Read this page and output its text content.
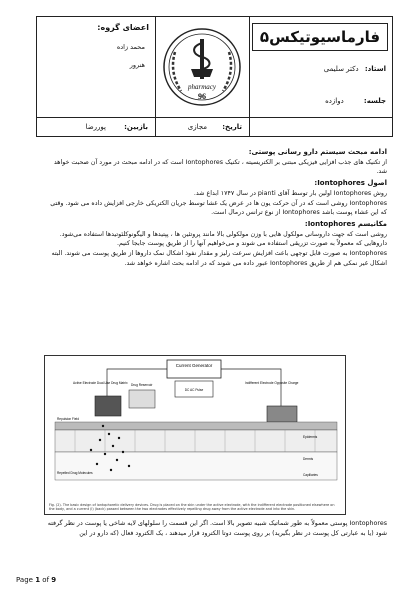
اعضای گروه:
محمد زاده
هنرور
pharmacy
96
فارماسیوتیکس۵
استاد: دکتر سلیمی
جلسه: دوازده
تاریخ:
مجازی
بازبین:
پوررضا

ادامه مبحث سیستم دارو رسانی پوستی:

از تکنیک های جذب افزایی فیزیکی مبتنی بر الکتریسیته ، تکنیک Iontophores است که در ادامه مبحث در مورد آن صحبت خواهد شد.

اصول Iontophores:

روش Iontophores اولین بار توسط آقای pianti در سال ۱۷۴۷ ابداع شد.

Iontophores روشی است که در آن حرکت یون ها در عرض یک غشا توسط جریان الکتریکی خارجی افزایش داده می شود. وقتی که این غشاء پوست باشد Iontophores از نوع ترانس درمال است.

مکانیسم Iontophores:

روشی است که جهت داروسانی مولکول هایی با وزن مولکولی بالا مانند پروتئین ها ، پپتیدها و الیگونوکلئوتیدها استفاده می‌شود. داروهایی که معمولاً به صورت تزریقی استفاده می شوند و می‌خواهیم آنها را از طریق پوست جابجا کنیم.

Iontophores به صورت قابل توجهی باعث افزایش سرعت رلیز و مقدار نفوذ اشکال نمک داروها از طریق پوست می شوند. البته اشکال غیر نمکی هم از طریق Iontophores عبور داده می شوند که در ادامه بحث اشاره خواهد شد.

Current Generator
DC AC Pulse
Active Electrode Dual-Use Drug Matrix Drug Reservoir	Indifferent Electrode Opposite Charge
Repulsion Field
Repelled Drug Molecules
Epidermis
Dermis
Capillaries
Fig. (2). The basic design of iontophoretic delivery devices. Drug is placed on the skin under the active electrode, with the indifferent electrode positioned elsewhere on the body, and a current (I) (back) passed between the two electrodes effectively repelling drug away from the active electrode and into the skin.

Iontophores پوستی معمولاً به طور شماتیک شبیه تصویر بالا است. اگر این قسمت را سلولهای لایه شاخی یا پوست در نظر گرفته شود (یا به عبارتی کل پوست در نظر بگیرید) بر روی پوست دوتا الکترود قرار میدهند ، یک الکترود فعال (که دارو در این

Page 1 of 9
